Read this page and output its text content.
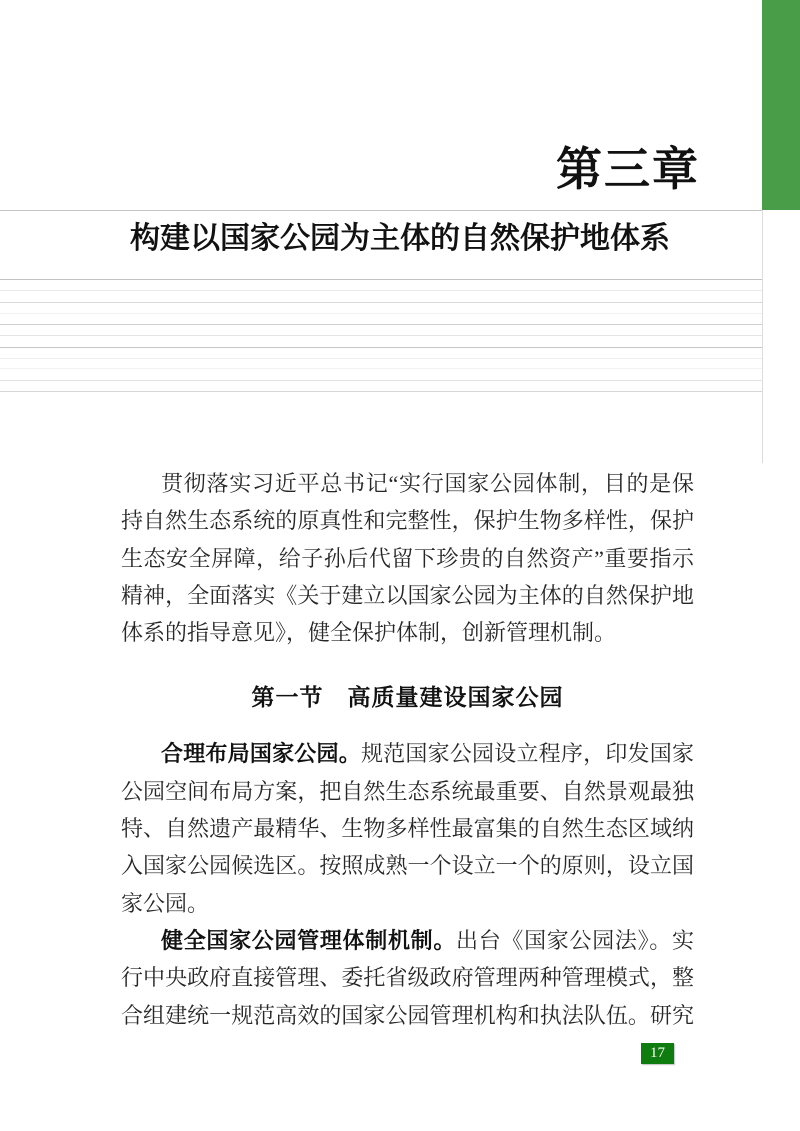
第三章
构建以国家公园为主体的自然保护地体系
贯彻落实习近平总书记“实行国家公园体制，目的是保
持自然生态系统的原真性和完整性，保护生物多样性，保护
生态安全屏障，给子孙后代留下珍贵的自然资产”重要指示
精神，全面落实《关于建立以国家公园为主体的自然保护地
体系的指导意见》，健全保护体制，创新管理机制。
第一节　高质量建设国家公园
合理布局国家公园。规范国家公园设立程序，印发国家
公园空间布局方案，把自然生态系统最重要、自然景观最独
特、自然遗产最精华、生物多样性最富集的自然生态区域纳
入国家公园候选区。按照成熟一个设立一个的原则，设立国
家公园。
健全国家公园管理体制机制。出台《国家公园法》。实
行中央政府直接管理、委托省级政府管理两种管理模式，整
合组建统一规范高效的国家公园管理机构和执法队伍。研究
17
